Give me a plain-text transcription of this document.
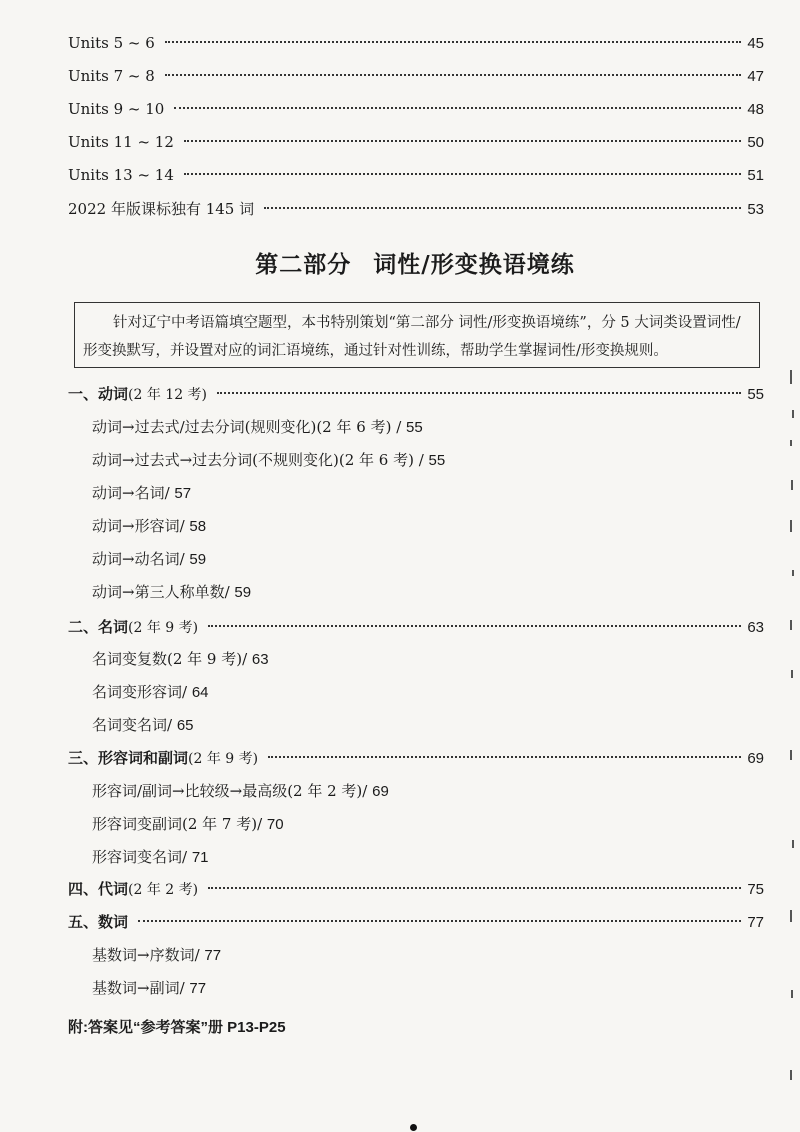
Units 5 ~ 6	45
Units 7 ~ 8	47
Units 9 ~ 10	48
Units 11 ~ 12	50
Units 13 ~ 14	51
2022 年版课标独有 145 词	53
第二部分 词性/形变换语境练

针对辽宁中考语篇填空题型，本书特别策划“第二部分 词性/形变换语境练”，分 5 大词类设置词性/形变换默写，并设置对应的词汇语境练，通过针对性训练，帮助学生掌握词性/形变换规则。

一、动词(2 年 12 考)	55
动词→过去式/过去分词(规则变化)(2 年 6 考) / 55
动词→过去式→过去分词(不规则变化)(2 年 6 考) / 55
动词→名词/ 57
动词→形容词/ 58
动词→动名词/ 59
动词→第三人称单数/ 59
二、名词(2 年 9 考)	63
名词变复数(2 年 9 考)/ 63
名词变形容词/ 64
名词变名词/ 65
三、形容词和副词(2 年 9 考)	69
形容词/副词→比较级→最高级(2 年 2 考)/ 69
形容词变副词(2 年 7 考)/ 70
形容词变名词/ 71
四、代词(2 年 2 考)	75
五、数词	77
基数词→序数词/ 77
基数词→副词/ 77
附:答案见“参考答案”册 P13-P25
